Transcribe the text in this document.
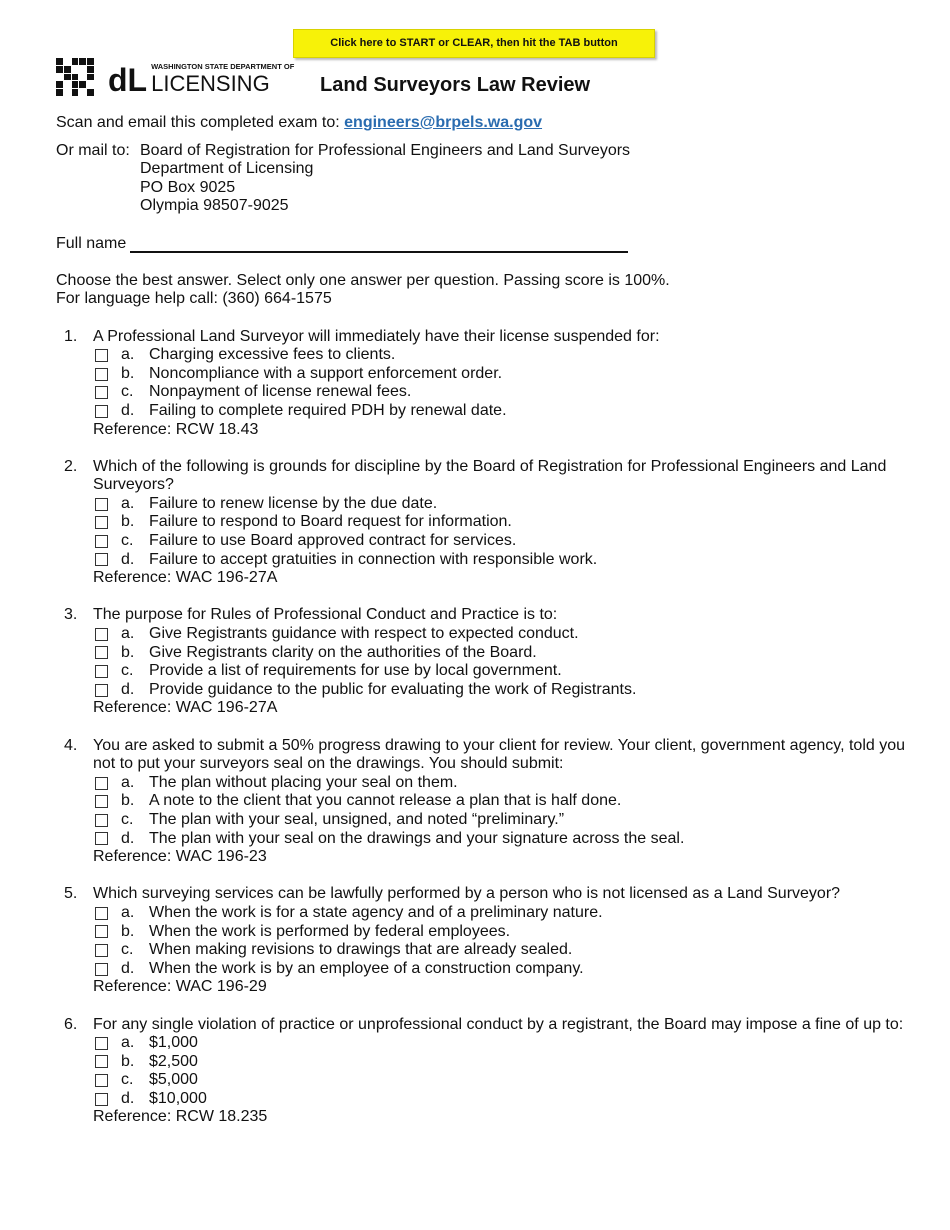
Click here to START or CLEAR, then hit the TAB button
dL WASHINGTON STATE DEPARTMENT OF
LICENSING	Land Surveyors Law Review
Scan and email this completed exam to: engineers@brpels.wa.gov
Or mail to: Board of Registration for Professional Engineers and Land Surveyors
Department of Licensing
PO Box 9025
Olympia 98507-9025
Full name
Choose the best answer. Select only one answer per question. Passing score is 100%.
For language help call: (360) 664-1575
1. A Professional Land Surveyor will immediately have their license suspended for:
a. Charging excessive fees to clients.
b. Noncompliance with a support enforcement order.
c. Nonpayment of license renewal fees.
d. Failing to complete required PDH by renewal date.
Reference: RCW 18.43
2. Which of the following is grounds for discipline by the Board of Registration for Professional Engineers and Land Surveyors?
a. Failure to renew license by the due date.
b. Failure to respond to Board request for information.
c. Failure to use Board approved contract for services.
d. Failure to accept gratuities in connection with responsible work.
Reference: WAC 196-27A
3. The purpose for Rules of Professional Conduct and Practice is to:
a. Give Registrants guidance with respect to expected conduct.
b. Give Registrants clarity on the authorities of the Board.
c. Provide a list of requirements for use by local government.
d. Provide guidance to the public for evaluating the work of Registrants.
Reference: WAC 196-27A
4. You are asked to submit a 50% progress drawing to your client for review. Your client, government agency, told you not to put your surveyors seal on the drawings. You should submit:
a. The plan without placing your seal on them.
b. A note to the client that you cannot release a plan that is half done.
c. The plan with your seal, unsigned, and noted “preliminary.”
d. The plan with your seal on the drawings and your signature across the seal.
Reference: WAC 196-23
5. Which surveying services can be lawfully performed by a person who is not licensed as a Land Surveyor?
a. When the work is for a state agency and of a preliminary nature.
b. When the work is performed by federal employees.
c. When making revisions to drawings that are already sealed.
d. When the work is by an employee of a construction company.
Reference: WAC 196-29
6. For any single violation of practice or unprofessional conduct by a registrant, the Board may impose a fine of up to:
a. $1,000
b. $2,500
c. $5,000
d. $10,000
Reference: RCW 18.235
